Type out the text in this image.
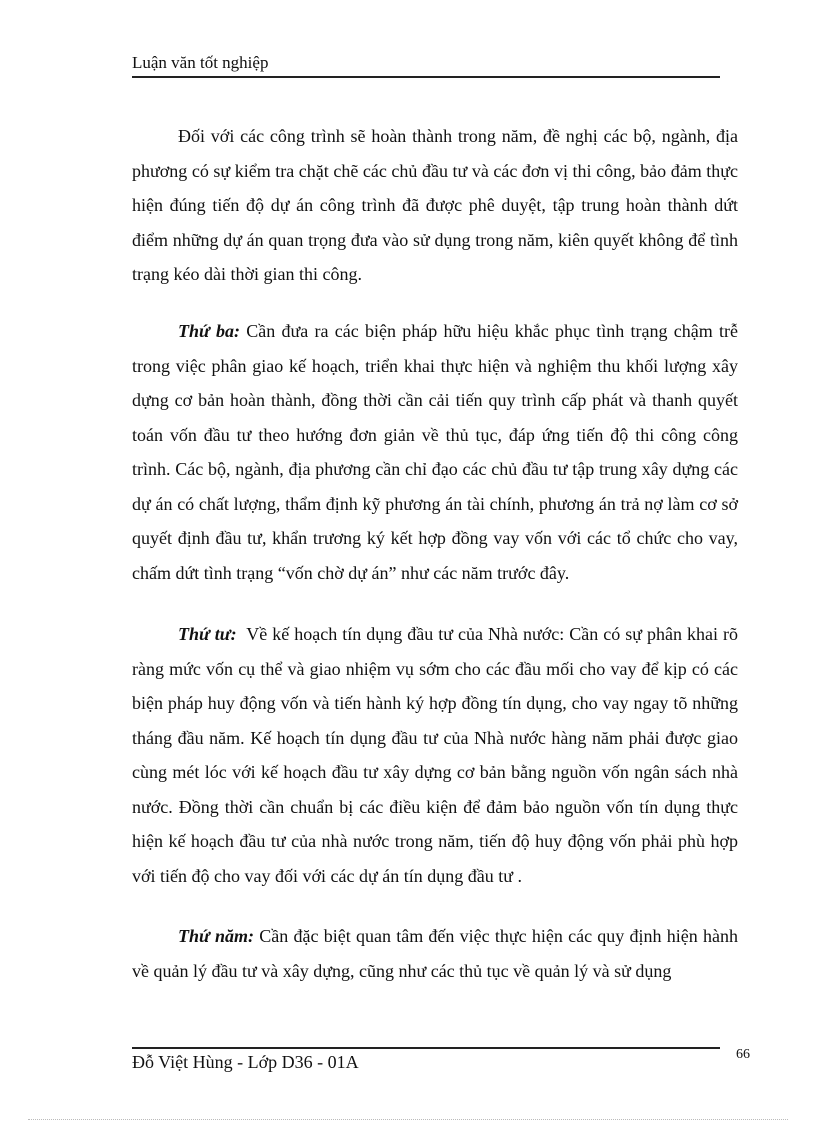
Luận văn tốt nghiệp

Đối với các công trình sẽ hoàn thành trong năm, đề nghị các bộ, ngành, địa phương có sự kiểm tra chặt chẽ các chủ đầu tư và các đơn vị thi công, bảo đảm thực hiện đúng tiến độ dự án công trình đã được phê duyệt, tập trung hoàn thành dứt điểm những dự án quan trọng đưa vào sử dụng trong năm, kiên quyết không để tình trạng kéo dài thời gian thi công.

Thứ ba: Cần đưa ra các biện pháp hữu hiệu khắc phục tình trạng chậm trễ trong việc phân giao kế hoạch, triển khai thực hiện và nghiệm thu khối lượng xây dựng cơ bản hoàn thành, đồng thời cần cải tiến quy trình cấp phát và thanh quyết toán vốn đầu tư theo hướng đơn giản về thủ tục, đáp ứng tiến độ thi công công trình. Các bộ, ngành, địa phương cần chỉ đạo các chủ đầu tư tập trung xây dựng các dự án có chất lượng, thẩm định kỹ phương án tài chính, phương án trả nợ làm cơ sở quyết định đầu tư, khẩn trương ký kết hợp đồng vay vốn với các tổ chức cho vay, chấm dứt tình trạng “vốn chờ dự án” như các năm trước đây.

Thứ tư:  Về kế hoạch tín dụng đầu tư của Nhà nước: Cần có sự phân khai rõ ràng mức vốn cụ thể và giao nhiệm vụ sớm cho các đầu mối cho vay để kịp có các biện pháp huy động vốn và tiến hành ký hợp đồng tín dụng, cho vay ngay tõ những tháng đầu năm. Kế hoạch tín dụng đầu tư của Nhà nước hàng năm phải được giao cùng mét lóc với kế hoạch đầu tư xây dựng cơ bản bằng nguồn vốn ngân sách nhà nước. Đồng thời cần chuẩn bị các điều kiện để đảm bảo nguồn vốn tín dụng thực hiện kế hoạch đầu tư của nhà nước trong năm, tiến độ huy động vốn phải phù hợp với tiến độ cho vay đối với các dự án tín dụng đầu tư .

Thứ năm: Cần đặc biệt quan tâm đến việc thực hiện các quy định hiện hành về quản lý đầu tư và xây dựng, cũng như các thủ tục về quản lý và sử dụng

Đỗ Việt Hùng - Lớp D36 - 01A	66
